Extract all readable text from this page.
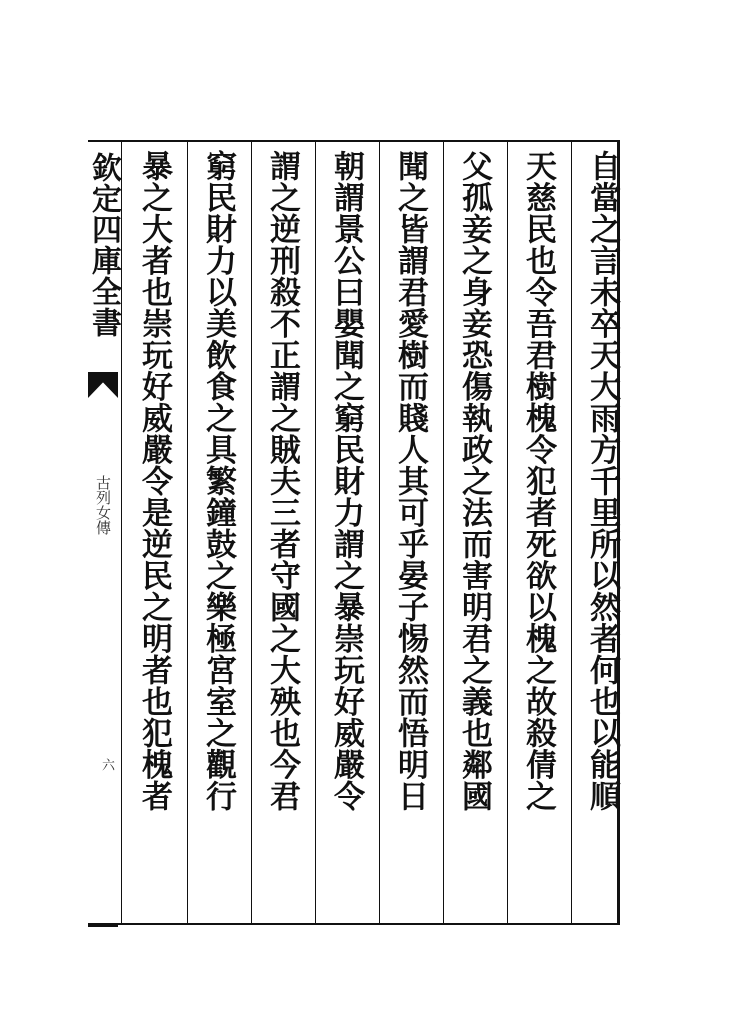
自當之言未卒天大雨方千里所以然者何也以能順
天慈民也令吾君樹槐令犯者死欲以槐之故殺倩之
父孤妾之身妾恐傷執政之法而害明君之義也鄰國
聞之皆謂君愛樹而賤人其可乎晏子惕然而悟明日
朝謂景公曰嬰聞之窮民財力謂之暴崇玩好威嚴令
謂之逆刑殺不正謂之賊夫三者守國之大殃也今君
窮民財力以美飲食之具繁鐘鼓之樂極宮室之觀行
暴之大者也崇玩好威嚴令是逆民之明者也犯槐者
欽定四庫全書
古列女傳
六
